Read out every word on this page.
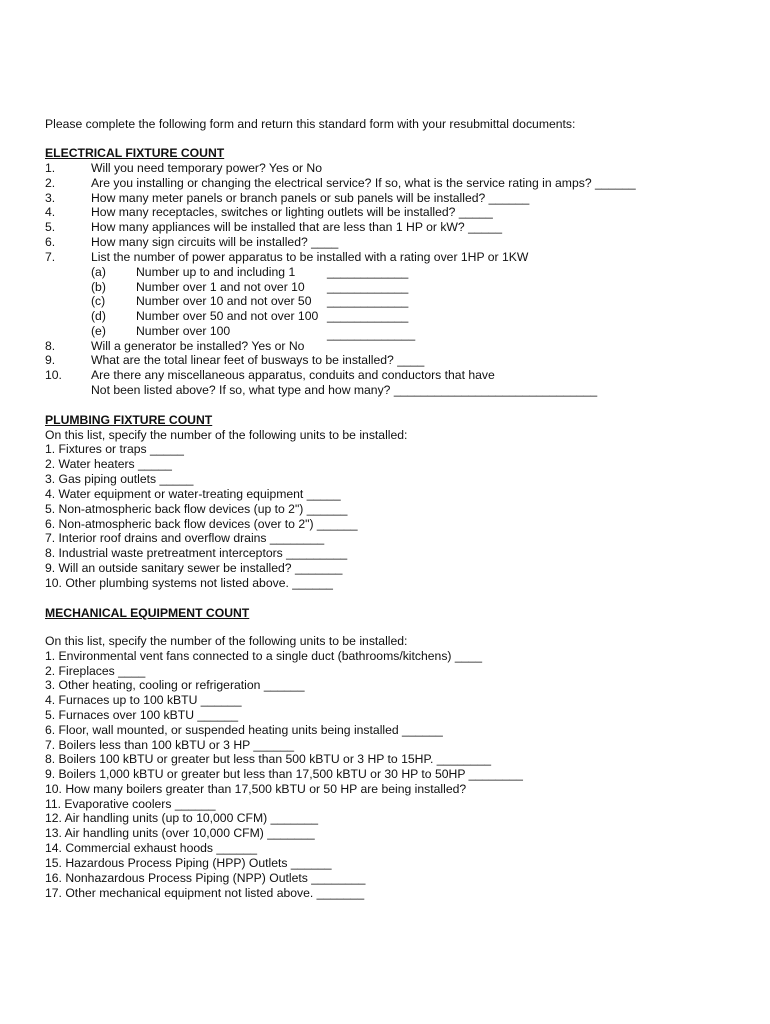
Please complete the following form and return this standard form with your resubmittal documents:
ELECTRICAL FIXTURE COUNT
1.	Will you need temporary power? Yes or No
2.	Are you installing or changing the electrical service? If so, what is the service rating in amps? ______
3.	How many meter panels or branch panels or sub panels will be installed? ______
4.	How many receptacles, switches or lighting outlets will be installed? _____
5.	How many appliances will be installed that are less than 1 HP or kW? _____
6.	How many sign circuits will be installed? ____
7.	List the number of power apparatus to be installed with a rating over 1HP or 1KW
(a) Number up to and including 1	____________
(b) Number over 1 and not over 10 ____________
(c)	Number over 10 and not over 50 ____________
(d) Number over 50 and not over 100 ____________
(e) Number over 100	_____________
8.	Will a generator be installed? Yes or No
9.	What are the total linear feet of busways to be installed? ____
10. Are there any miscellaneous apparatus, conduits and conductors that have
Not been listed above? If so, what type and how many? ______________________________
PLUMBING FIXTURE COUNT
On this list, specify the number of the following units to be installed:
1. Fixtures or traps _____
2. Water heaters _____
3. Gas piping outlets _____
4. Water equipment or water-treating equipment _____
5. Non-atmospheric back flow devices (up to 2") ______
6. Non-atmospheric back flow devices (over to 2") ______
7. Interior roof drains and overflow drains ________
8. Industrial waste pretreatment interceptors _________
9. Will an outside sanitary sewer be installed? _______
10. Other plumbing systems not listed above. ______
MECHANICAL EQUIPMENT COUNT
On this list, specify the number of the following units to be installed:
1. Environmental vent fans connected to a single duct (bathrooms/kitchens) ____
2. Fireplaces ____
3. Other heating, cooling or refrigeration ______
4. Furnaces up to 100 kBTU ______
5. Furnaces over 100 kBTU ______
6. Floor, wall mounted, or suspended heating units being installed ______
7. Boilers less than 100 kBTU or 3 HP ______
8. Boilers 100 kBTU or greater but less than 500 kBTU or 3 HP to 15HP. ________
9. Boilers 1,000 kBTU or greater but less than 17,500 kBTU or 30 HP to 50HP ________
10. How many boilers greater than 17,500 kBTU or 50 HP are being installed?
11. Evaporative coolers ______
12. Air handling units (up to 10,000 CFM) _______
13. Air handling units (over 10,000 CFM) _______
14. Commercial exhaust hoods ______
15. Hazardous Process Piping (HPP) Outlets ______
16. Nonhazardous Process Piping (NPP) Outlets ________
17. Other mechanical equipment not listed above. _______
